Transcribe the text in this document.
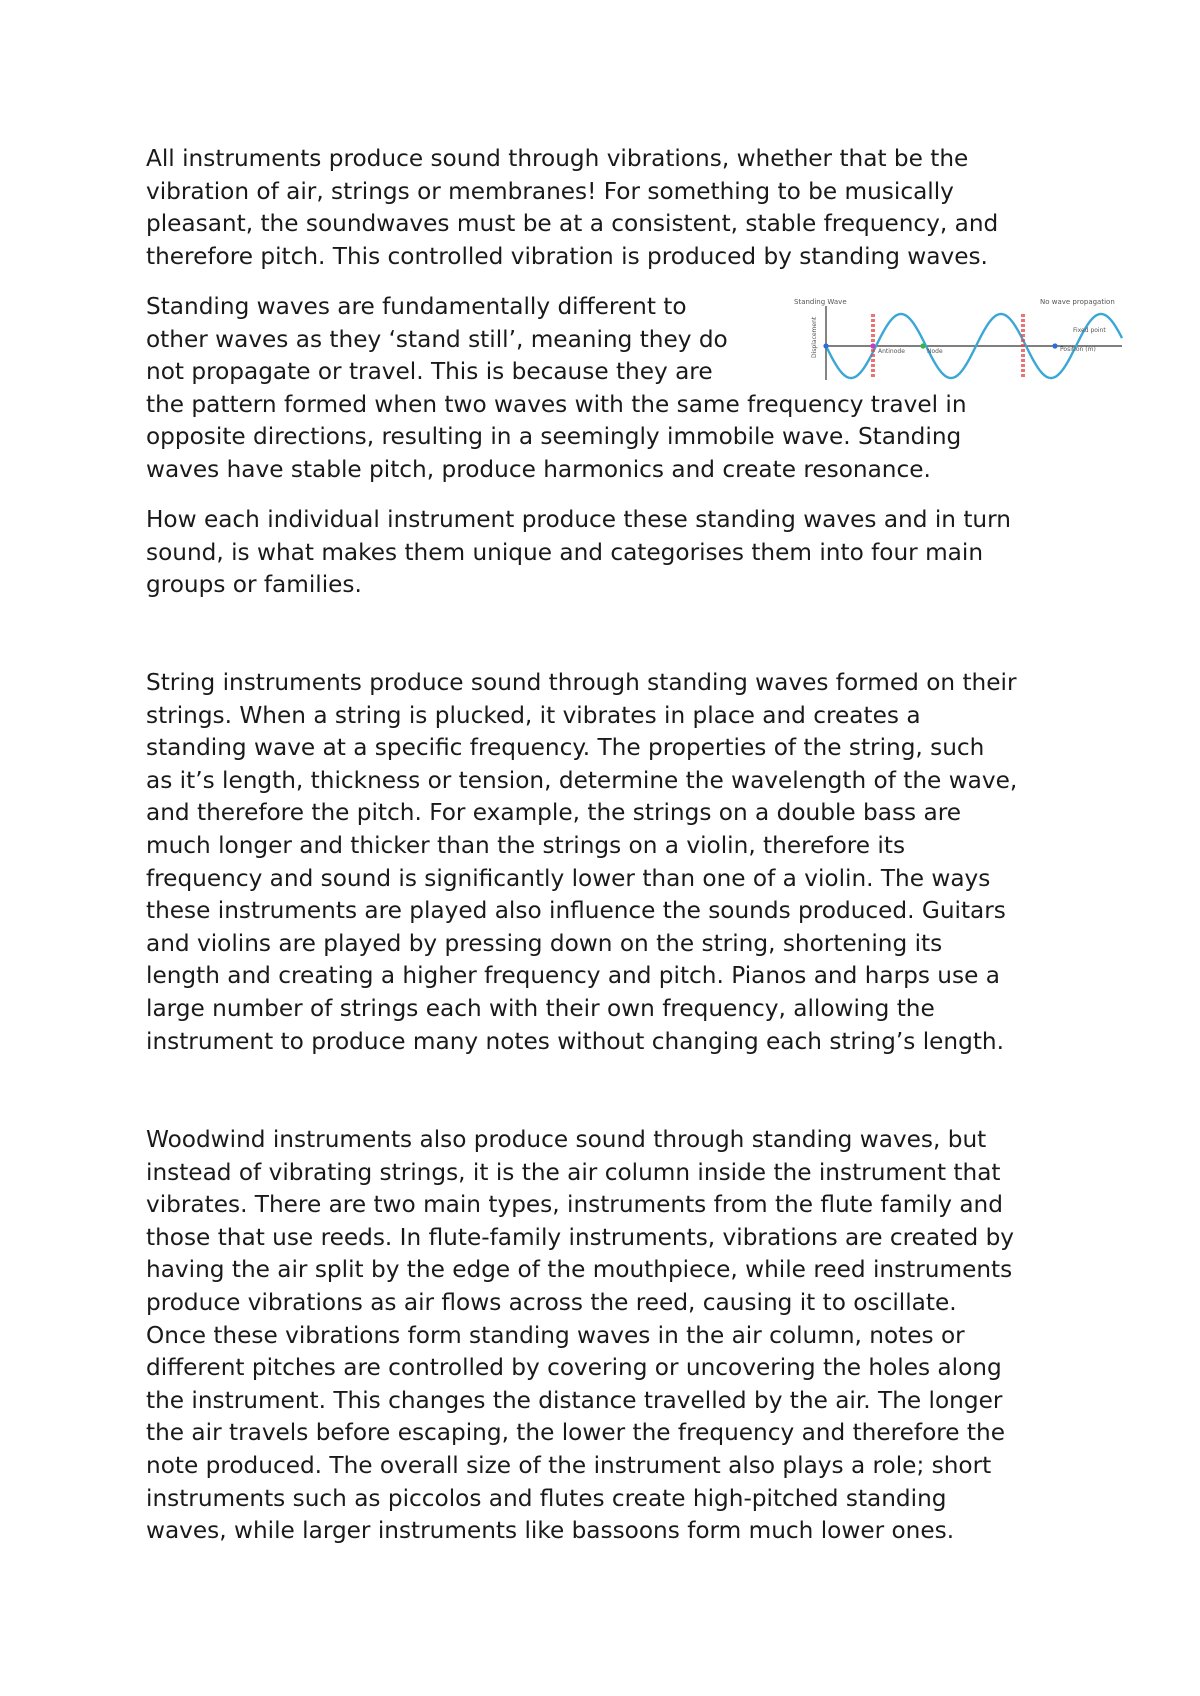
All instruments produce sound through vibrations, whether that be the
vibration of air, strings or membranes! For something to be musically
pleasant, the soundwaves must be at a consistent, stable frequency, and
therefore pitch. This controlled vibration is produced by standing waves.

Standing waves are fundamentally different to
other waves as they ‘stand still’, meaning they do
not propagate or travel. This is because they are
the pattern formed when two waves with the same frequency travel in
opposite directions, resulting in a seemingly immobile wave. Standing
waves have stable pitch, produce harmonics and create resonance.

Standing Wave	No wave propagation
Displacement	Antinode	Node
Fixed point
Position (m)

How each individual instrument produce these standing waves and in turn
sound, is what makes them unique and categorises them into four main
groups or families.

String instruments produce sound through standing waves formed on their
strings. When a string is plucked, it vibrates in place and creates a
standing wave at a specific frequency. The properties of the string, such
as it’s length, thickness or tension, determine the wavelength of the wave,
and therefore the pitch. For example, the strings on a double bass are
much longer and thicker than the strings on a violin, therefore its
frequency and sound is significantly lower than one of a violin. The ways
these instruments are played also influence the sounds produced. Guitars
and violins are played by pressing down on the string, shortening its
length and creating a higher frequency and pitch. Pianos and harps use a
large number of strings each with their own frequency, allowing the
instrument to produce many notes without changing each string’s length.

Woodwind instruments also produce sound through standing waves, but
instead of vibrating strings, it is the air column inside the instrument that
vibrates. There are two main types, instruments from the flute family and
those that use reeds. In flute-family instruments, vibrations are created by
having the air split by the edge of the mouthpiece, while reed instruments
produce vibrations as air flows across the reed, causing it to oscillate.
Once these vibrations form standing waves in the air column, notes or
different pitches are controlled by covering or uncovering the holes along
the instrument. This changes the distance travelled by the air. The longer
the air travels before escaping, the lower the frequency and therefore the
note produced. The overall size of the instrument also plays a role; short
instruments such as piccolos and flutes create high-pitched standing
waves, while larger instruments like bassoons form much lower ones.
